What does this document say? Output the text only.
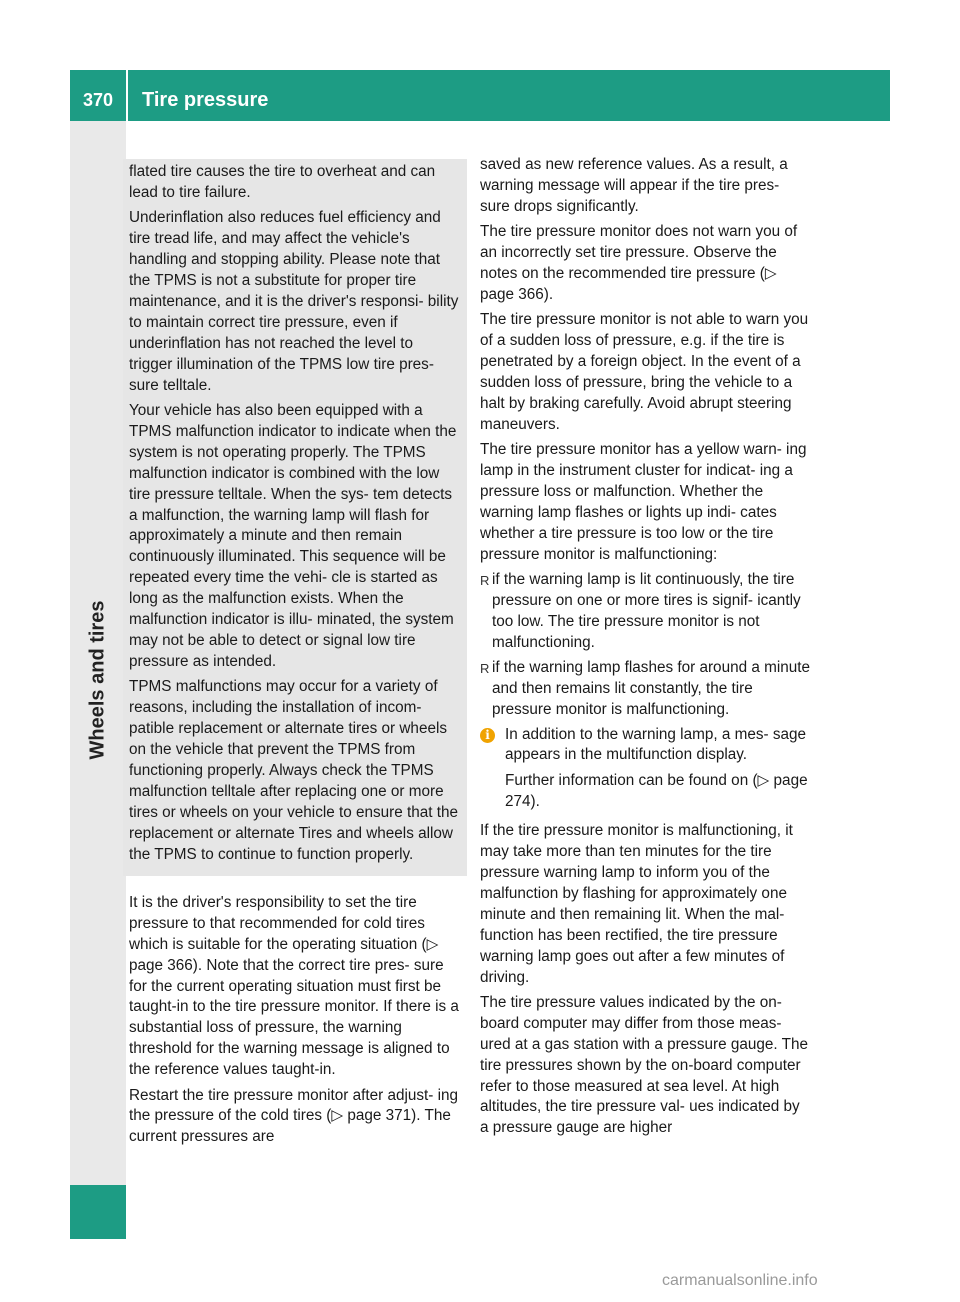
370	Tire pressure
Wheels and tires

flated tire causes the tire to overheat and can lead to tire failure.

Underinflation also reduces fuel efficiency and tire tread life, and may affect the vehicle's handling and stopping ability. Please note that the TPMS is not a substitute for proper tire maintenance, and it is the driver's responsi- bility to maintain correct tire pressure, even if underinflation has not reached the level to trigger illumination of the TPMS low tire pres- sure telltale.

Your vehicle has also been equipped with a TPMS malfunction indicator to indicate when the system is not operating properly. The TPMS malfunction indicator is combined with the low tire pressure telltale. When the sys- tem detects a malfunction, the warning lamp will flash for approximately a minute and then remain continuously illuminated. This sequence will be repeated every time the vehi- cle is started as long as the malfunction exists. When the malfunction indicator is illu- minated, the system may not be able to detect or signal low tire pressure as intended.

TPMS malfunctions may occur for a variety of reasons, including the installation of incom- patible replacement or alternate tires or wheels on the vehicle that prevent the TPMS from functioning properly. Always check the TPMS malfunction telltale after replacing one or more tires or wheels on your vehicle to ensure that the replacement or alternate Tires and wheels allow the TPMS to continue to function properly.

It is the driver's responsibility to set the tire pressure to that recommended for cold tires which is suitable for the operating situation (▷ page 366). Note that the correct tire pres- sure for the current operating situation must first be taught-in to the tire pressure monitor. If there is a substantial loss of pressure, the warning threshold for the warning message is aligned to the reference values taught-in.

Restart the tire pressure monitor after adjust- ing the pressure of the cold tires (▷ page 371). The current pressures are

saved as new reference values. As a result, a warning message will appear if the tire pres- sure drops significantly.

The tire pressure monitor does not warn you of an incorrectly set tire pressure. Observe the notes on the recommended tire pressure (▷ page 366).

The tire pressure monitor is not able to warn you of a sudden loss of pressure, e.g. if the tire is penetrated by a foreign object. In the event of a sudden loss of pressure, bring the vehicle to a halt by braking carefully. Avoid abrupt steering maneuvers.

The tire pressure monitor has a yellow warn- ing lamp in the instrument cluster for indicat- ing a pressure loss or malfunction. Whether the warning lamp flashes or lights up indi- cates whether a tire pressure is too low or the tire pressure monitor is malfunctioning:

R if the warning lamp is lit continuously, the tire pressure on one or more tires is signif- icantly too low. The tire pressure monitor is not malfunctioning.
R if the warning lamp flashes for around a minute and then remains lit constantly, the tire pressure monitor is malfunctioning.
i In addition to the warning lamp, a mes- sage appears in the multifunction display.

Further information can be found on (▷ page 274).

If the tire pressure monitor is malfunctioning, it may take more than ten minutes for the tire pressure warning lamp to inform you of the malfunction by flashing for approximately one minute and then remaining lit. When the mal- function has been rectified, the tire pressure warning lamp goes out after a few minutes of driving.

The tire pressure values indicated by the on- board computer may differ from those meas- ured at a gas station with a pressure gauge. The tire pressures shown by the on-board computer refer to those measured at sea level. At high altitudes, the tire pressure val- ues indicated by a pressure gauge are higher

carmanualsonline.info
